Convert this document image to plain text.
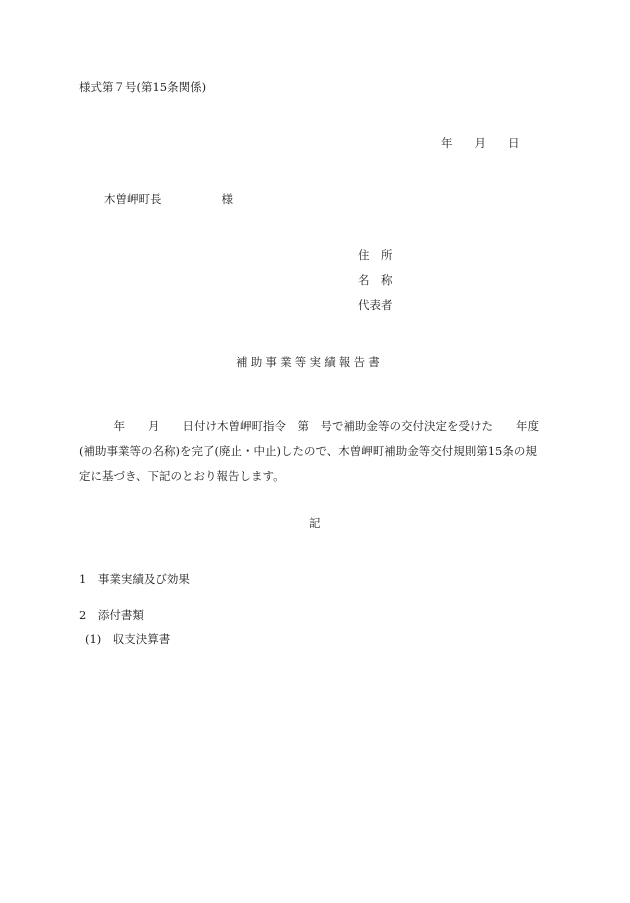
様式第７号(第15条関係)
年 月 日
木曽岬町長	様
住　所
名　称
代表者
補助事業等実績報告書

　　　年　　月　　日付け木曽岬町指令　第　号で補助金等の交付決定を受けた　　年度

(補助事業等の名称)を完了(廃止・中止)したので、木曽岬町補助金等交付規則第15条の規

定に基づき、下記のとおり報告します。

記
1　事業実績及び効果
2　添付書類
(1)　収支決算書
